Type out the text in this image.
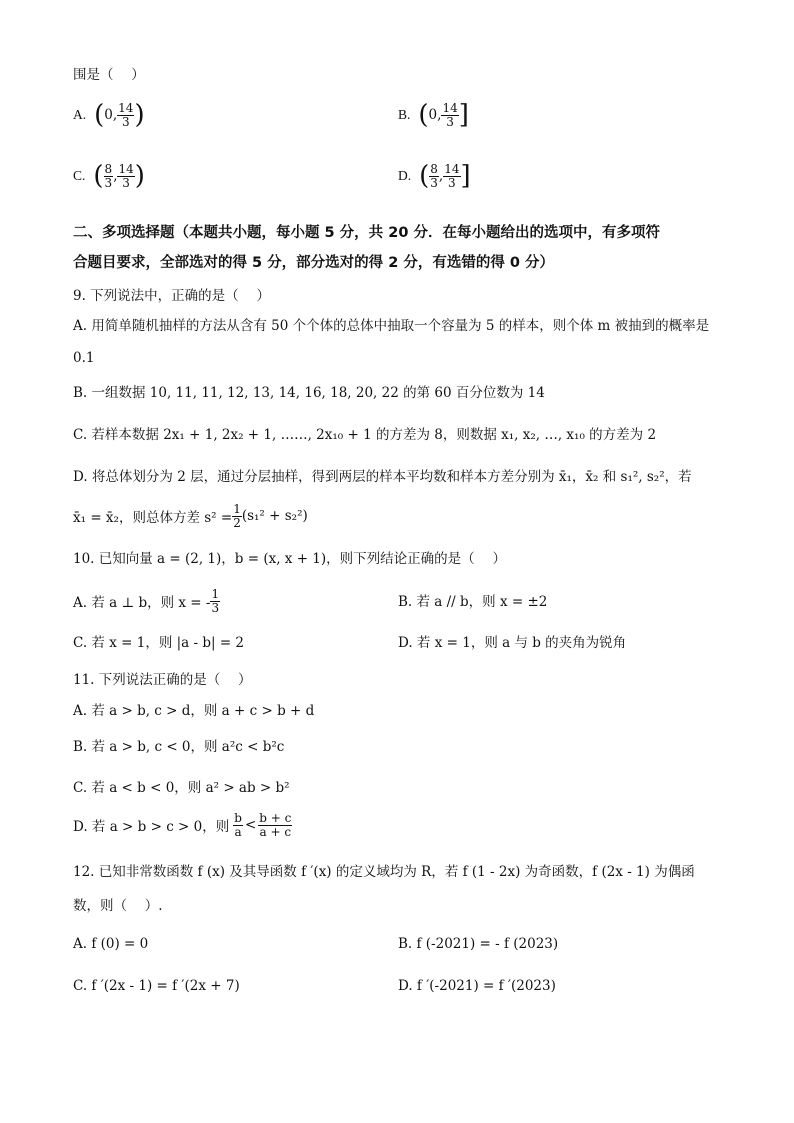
围是（　 ）
A. ( 0, 14
3 )	B. ( 0, 14
3 ]
C. ( 8
3 , 14
3 )	D. ( 8
3 , 14
3 ]
二、多项选择题（本题共小题，每小题 5 分，共 20 分．在每小题给出的选项中，有多项符
合题目要求，全部选对的得 5 分，部分选对的得 2 分，有选错的得 0 分）
9. 下列说法中，正确的是（　 ）
A. 用简单随机抽样的方法从含有 50 个个体的总体中抽取一个容量为 5 的样本，则个体 m 被抽到的概率是
0.1
B. 一组数据 10, 11, 11, 12, 13, 14, 16, 18, 20, 22 的第 60 百分位数为 14
C. 若样本数据 2x₁ + 1, 2x₂ + 1, ……, 2x₁₀ + 1 的方差为 8，则数据 x₁, x₂, …, x₁₀ 的方差为 2
D. 将总体划分为 2 层，通过分层抽样，得到两层的样本平均数和样本方差分别为 x̄₁，x̄₂ 和 s₁², s₂²，若
x̄₁ = x̄₂，则总体方差 $s^2 = \frac{1}{2} (s_1^2 + s_2^2)$
10. 已知向量 a = (2, 1)，b = (x, x + 1)，则下列结论正确的是（　 ）
A. 若 a ⊥ b，则 x = -
1
3	B. 若 a // b，则 x = ±2
C. 若 x = 1，则 |a - b| = 2	D. 若 x = 1，则 a 与 b 的夹角为锐角
11. 下列说法正确的是（　 ）
A. 若 a > b, c > d，则 a + c > b + d
B. 若 a > b, c < 0，则 a²c < b²c
C. 若 a < b < 0，则 a² > ab > b²
D. 若 a > b > c > 0，则
b
a < b + c
a + c
12. 已知非常数函数 f (x) 及其导函数 f ′(x) 的定义域均为 R，若 f (1 - 2x) 为奇函数，f (2x - 1) 为偶函
数，则（　 ）.
A. f (0) = 0	B. f (-2021) = - f (2023)
C. f ′(2x - 1) = f ′(2x + 7)	D. f ′(-2021) = f ′(2023)
